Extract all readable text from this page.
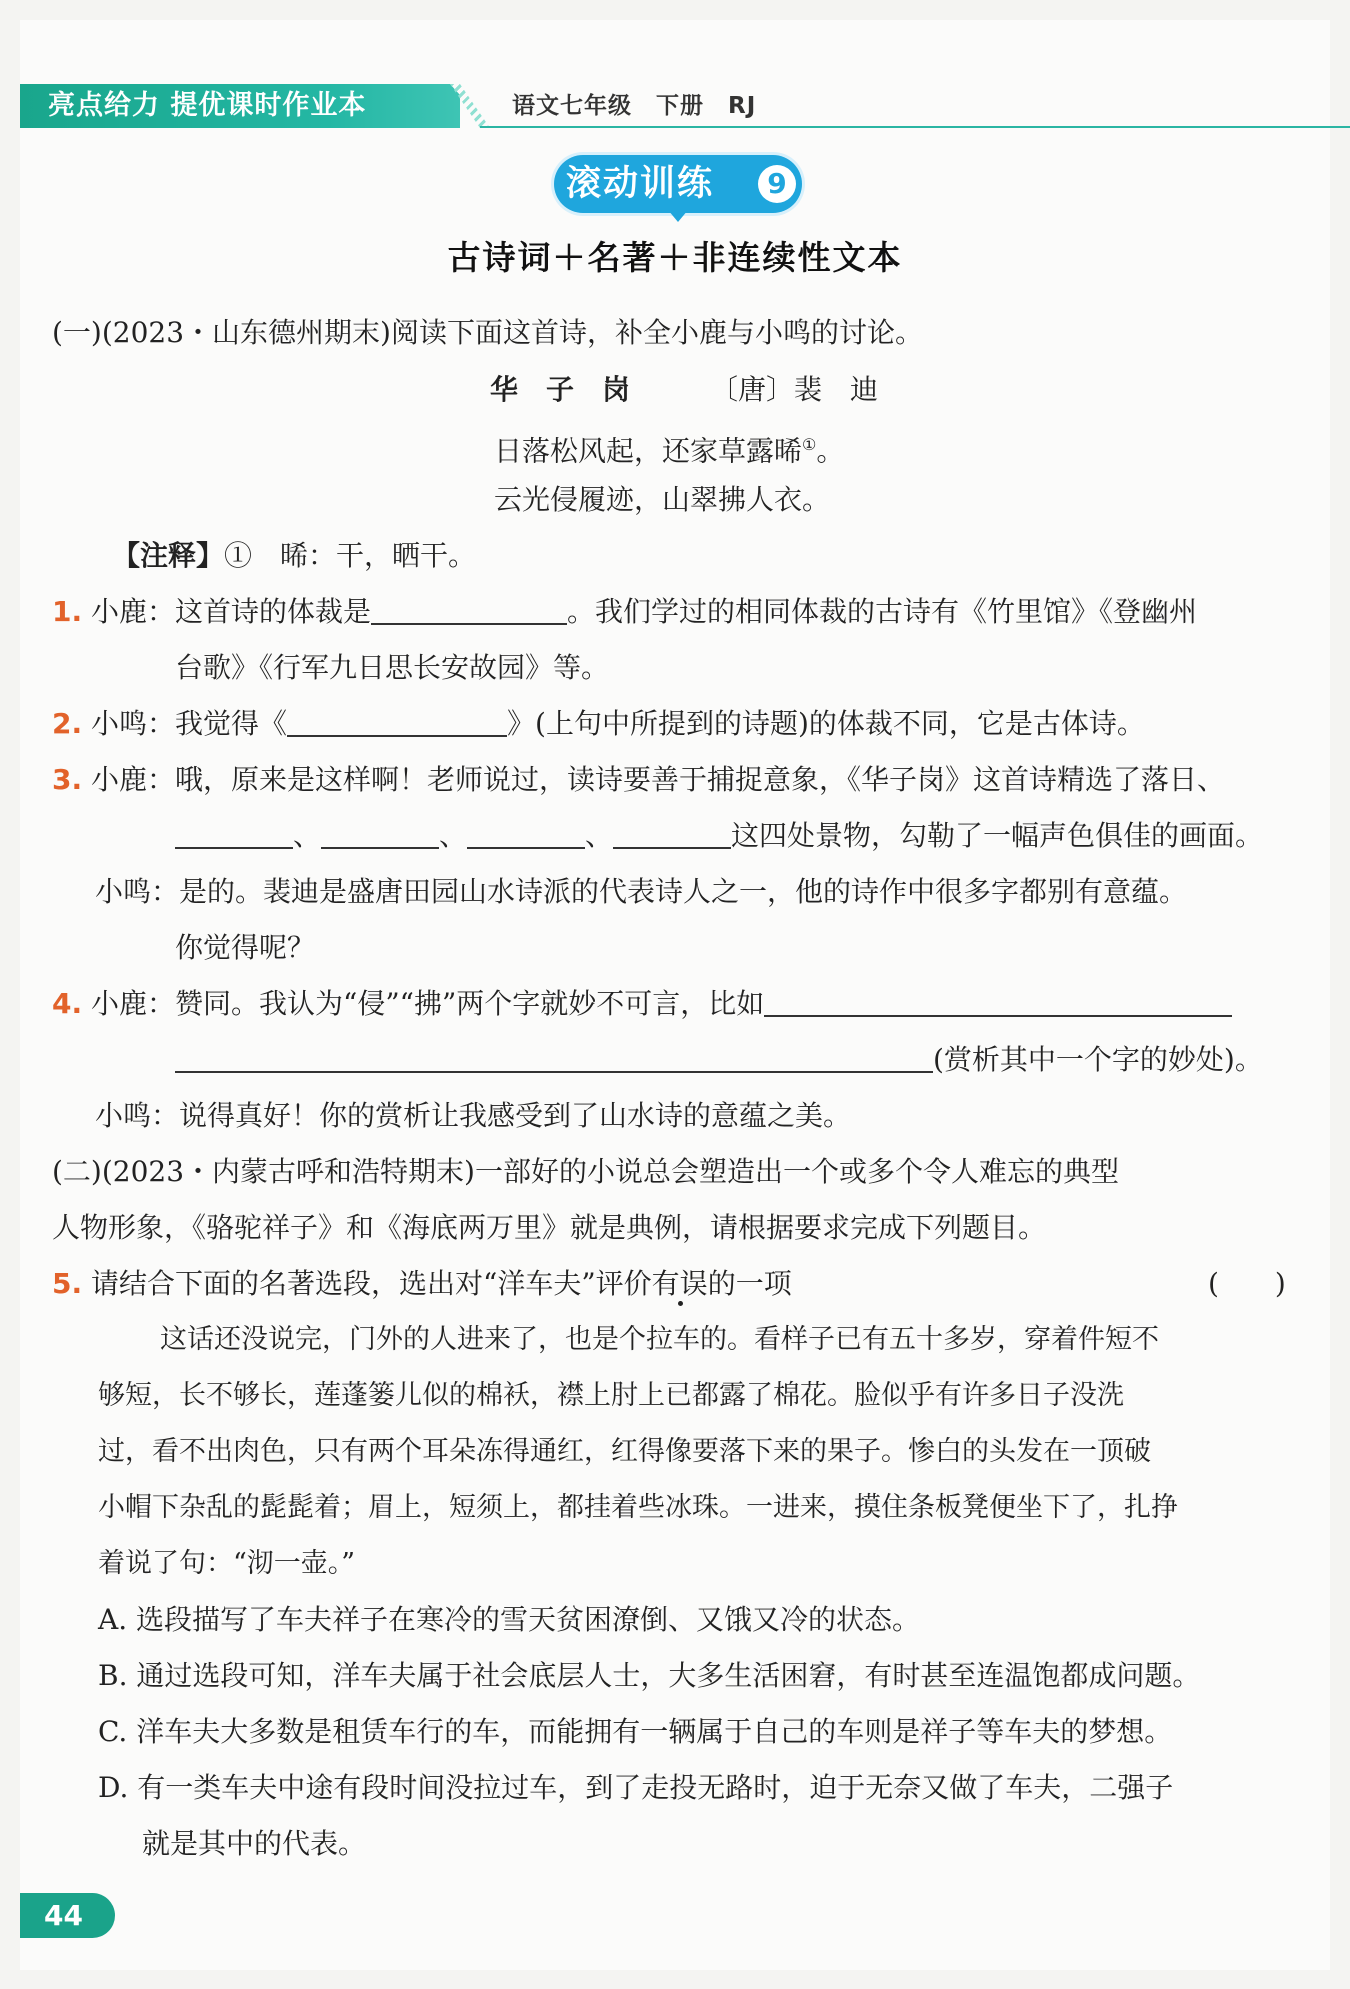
亮点给力 提优课时作业本	语文七年级　下册　RJ
滚动训练	9
古诗词＋名著＋非连续性文本
(一)(2023・山东德州期末)阅读下面这首诗，补全小鹿与小鸣的讨论。
华　子　岗	〔唐〕裴　迪
日落松风起，还家草露晞①。
云光侵履迹，山翠拂人衣。
【注释】①　晞：干，晒干。
1. 小鹿：这首诗的体裁是	。我们学过的相同体裁的古诗有《竹里馆》《登幽州
台歌》《行军九日思长安故园》等。
2. 小鸣：我觉得《	》(上句中所提到的诗题)的体裁不同，它是古体诗。
3. 小鹿：哦，原来是这样啊！老师说过，读诗要善于捕捉意象，《华子岗》这首诗精选了落日、
、	、	、	这四处景物，勾勒了一幅声色俱佳的画面。
小鸣：是的。裴迪是盛唐田园山水诗派的代表诗人之一，他的诗作中很多字都别有意蕴。
你觉得呢？
4. 小鹿：赞同。我认为“侵”“拂”两个字就妙不可言，比如
(赏析其中一个字的妙处)。
小鸣：说得真好！你的赏析让我感受到了山水诗的意蕴之美。
(二)(2023・内蒙古呼和浩特期末)一部好的小说总会塑造出一个或多个令人难忘的典型
人物形象，《骆驼祥子》和《海底两万里》就是典例，请根据要求完成下列题目。
5. 请结合下面的名著选段，选出对“洋车夫”评价有误的一项	(　　)
这话还没说完，门外的人进来了，也是个拉车的。看样子已有五十多岁，穿着件短不
够短，长不够长，莲蓬篓儿似的棉袄，襟上肘上已都露了棉花。脸似乎有许多日子没洗
过，看不出肉色，只有两个耳朵冻得通红，红得像要落下来的果子。惨白的头发在一顶破
小帽下杂乱的髭髭着；眉上，短须上，都挂着些冰珠。一进来，摸住条板凳便坐下了，扎挣
着说了句：“沏一壶。”
A. 选段描写了车夫祥子在寒冷的雪天贫困潦倒、又饿又冷的状态。
B. 通过选段可知，洋车夫属于社会底层人士，大多生活困窘，有时甚至连温饱都成问题。
C. 洋车夫大多数是租赁车行的车，而能拥有一辆属于自己的车则是祥子等车夫的梦想。
D. 有一类车夫中途有段时间没拉过车，到了走投无路时，迫于无奈又做了车夫，二强子
就是其中的代表。
44
